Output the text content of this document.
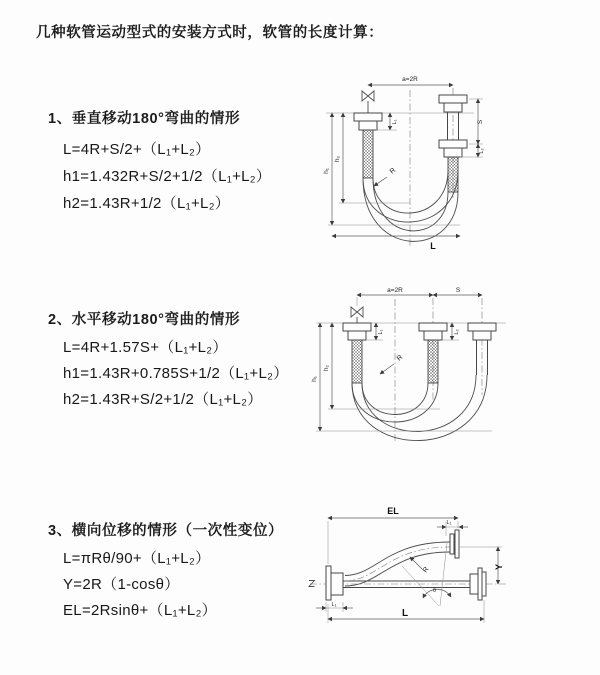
几种软管运动型式的安装方式时，软管的长度计算：
1、垂直移动180°弯曲的情形
L=4R+S/2+（L₁+L₂）
h1=1.432R+S/2+1/2（L₁+L₂）
h2=1.43R+1/2（L₁+L₂）
2、水平移动180°弯曲的情形
L=4R+1.57S+（L₁+L₂）
h1=1.43R+0.785S+1/2（L₁+L₂）
h2=1.43R+S/2+1/2（L₁+L₂）
3、横向位移的情形（一次性变位）
L=πRθ/90+（L₁+L₂）
Y=2R（1-cosθ）
EL=2Rsinθ+（L₁+L₂）
a=2R
h₁
h₂
L₁	S
L₂
R
L
a=2R	S
h₁
h₂
L₁	L₂
R
EL
L₁
Y
θ
R
L₁
L
